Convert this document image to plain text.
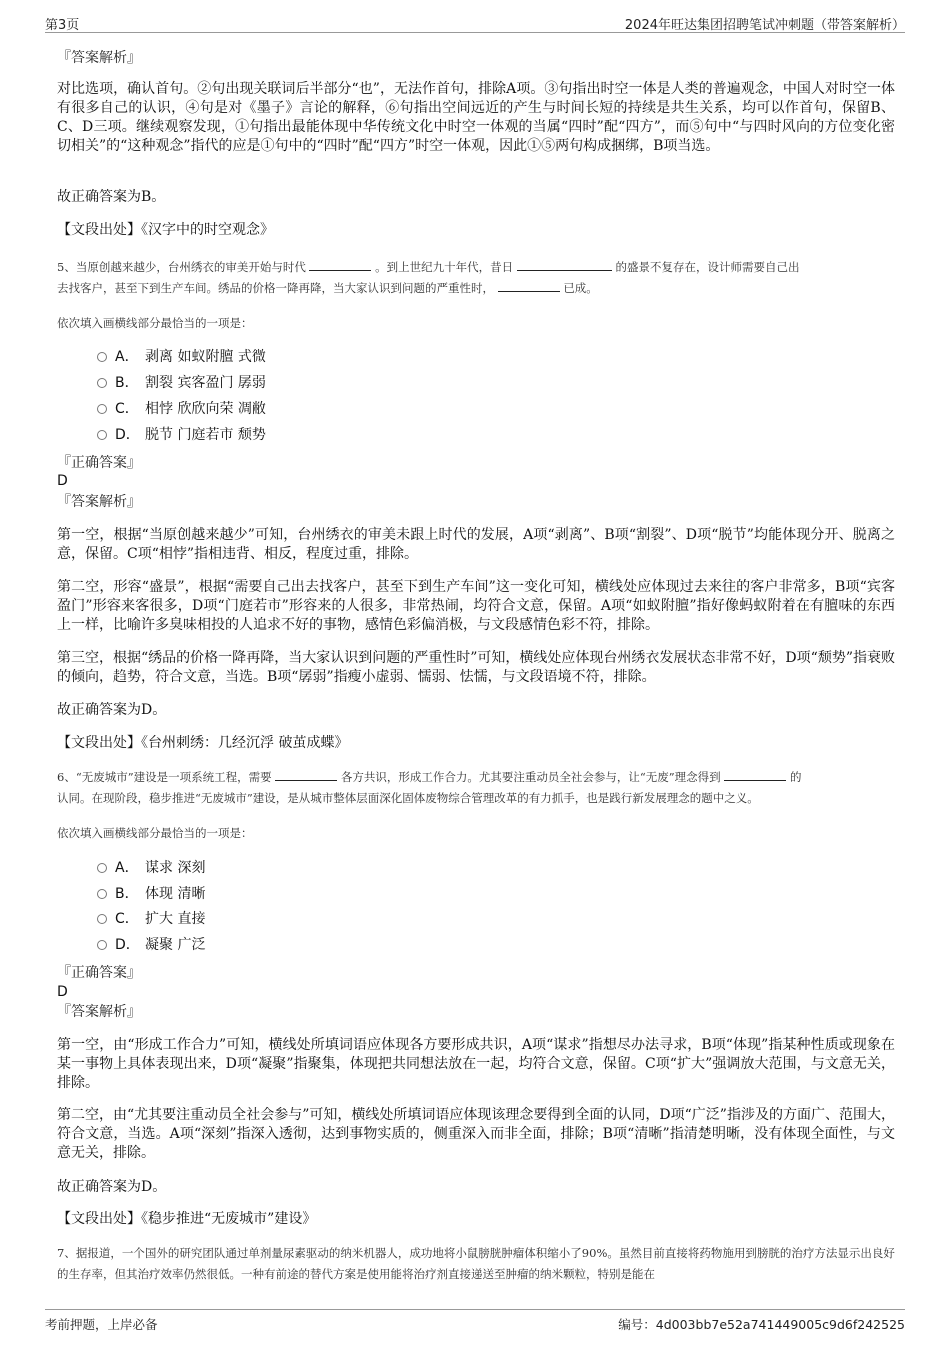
第3页	2024年旺达集团招聘笔试冲刺题（带答案解析）
『答案解析』

对比选项，确认首句。②句出现关联词后半部分“也”，无法作首句，排除A项。③句指出时空一体是人类的普遍观念，中国人对时空一体有很多自己的认识，④句是对《墨子》言论的解释，⑥句指出空间远近的产生与时间长短的持续是共生关系，均可以作首句，保留B、C、D三项。继续观察发现，①句指出最能体现中华传统文化中时空一体观的当属“四时”配“四方”，而⑤句中“与四时风向的方位变化密切相关”的“这种观念”指代的应是①句中的“四时”配“四方”时空一体观，因此①⑤两句构成捆绑，B项当选。

故正确答案为B。

【文段出处】《汉字中的时空观念》

5、当原创越来越少，台州绣衣的审美开始与时代	。到上世纪九十年代，昔日	的盛景不复存在，设计师需要自己出
去找客户，甚至下到生产车间。绣品的价格一降再降，当大家认识到问题的严重性时，	已成。

依次填入画横线部分最恰当的一项是：
A． 剥离 如蚁附膻 式微
B． 割裂 宾客盈门 孱弱
C． 相悖 欣欣向荣 凋敝
D． 脱节 门庭若市 颓势
『正确答案』
D
『答案解析』

第一空，根据“当原创越来越少”可知，台州绣衣的审美未跟上时代的发展，A项“剥离”、B项“割裂”、D项“脱节”均能体现分开、脱离之意，保留。C项“相悖”指相违背、相反，程度过重，排除。

第二空，形容“盛景”，根据“需要自己出去找客户，甚至下到生产车间”这一变化可知，横线处应体现过去来往的客户非常多，B项“宾客盈门”形容来客很多，D项“门庭若市”形容来的人很多，非常热闹，均符合文意，保留。A项“如蚁附膻”指好像蚂蚁附着在有膻味的东西上一样，比喻许多臭味相投的人追求不好的事物，感情色彩偏消极，与文段感情色彩不符，排除。

第三空，根据“绣品的价格一降再降，当大家认识到问题的严重性时”可知，横线处应体现台州绣衣发展状态非常不好，D项“颓势”指衰败的倾向，趋势，符合文意，当选。B项“孱弱”指瘦小虚弱、懦弱、怯懦，与文段语境不符，排除。

故正确答案为D。

【文段出处】《台州刺绣：几经沉浮 破茧成蝶》

6、“无废城市”建设是一项系统工程，需要	各方共识，形成工作合力。尤其要注重动员全社会参与，让“无废”理念得到	的
认同。在现阶段，稳步推进“无废城市”建设，是从城市整体层面深化固体废物综合管理改革的有力抓手，也是践行新发展理念的题中之义。

依次填入画横线部分最恰当的一项是：
A． 谋求 深刻
B． 体现 清晰
C． 扩大 直接
D． 凝聚 广泛
『正确答案』
D
『答案解析』

第一空，由“形成工作合力”可知，横线处所填词语应体现各方要形成共识，A项“谋求”指想尽办法寻求，B项“体现”指某种性质或现象在某一事物上具体表现出来，D项“凝聚”指聚集，体现把共同想法放在一起，均符合文意，保留。C项“扩大”强调放大范围，与文意无关，排除。

第二空，由“尤其要注重动员全社会参与”可知，横线处所填词语应体现该理念要得到全面的认同，D项“广泛”指涉及的方面广、范围大，符合文意，当选。A项“深刻”指深入透彻，达到事物实质的，侧重深入而非全面，排除；B项“清晰”指清楚明晰，没有体现全面性，与文意无关，排除。

故正确答案为D。

【文段出处】《稳步推进“无废城市”建设》

7、据报道，一个国外的研究团队通过单剂量尿素驱动的纳米机器人，成功地将小鼠膀胱肿瘤体积缩小了90%。虽然目前直接将药物施用到膀胱的治疗方法显示出良好的生存率，但其治疗效率仍然很低。一种有前途的替代方案是使用能将治疗剂直接递送至肿瘤的纳米颗粒，特别是能在

考前押题，上岸必备	编号：4d003bb7e52a741449005c9d6f242525
